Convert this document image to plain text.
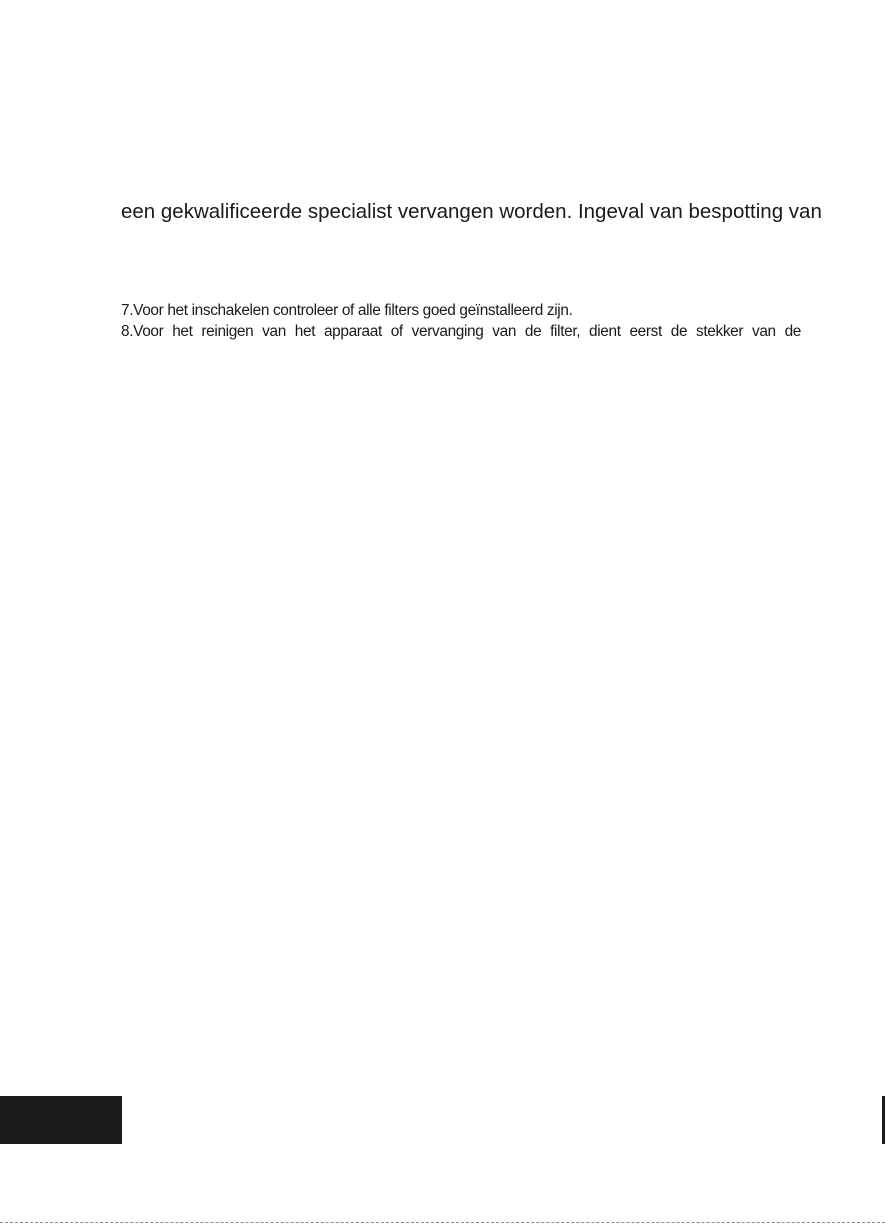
een gekwalificeerde specialist vervangen worden. Ingeval van bespotting van
7.Voor het inschakelen controleer of alle filters goed geïnstalleerd zijn.
8.Voor het reinigen van het apparaat of vervanging van de filter, dient eerst de stekker van de
